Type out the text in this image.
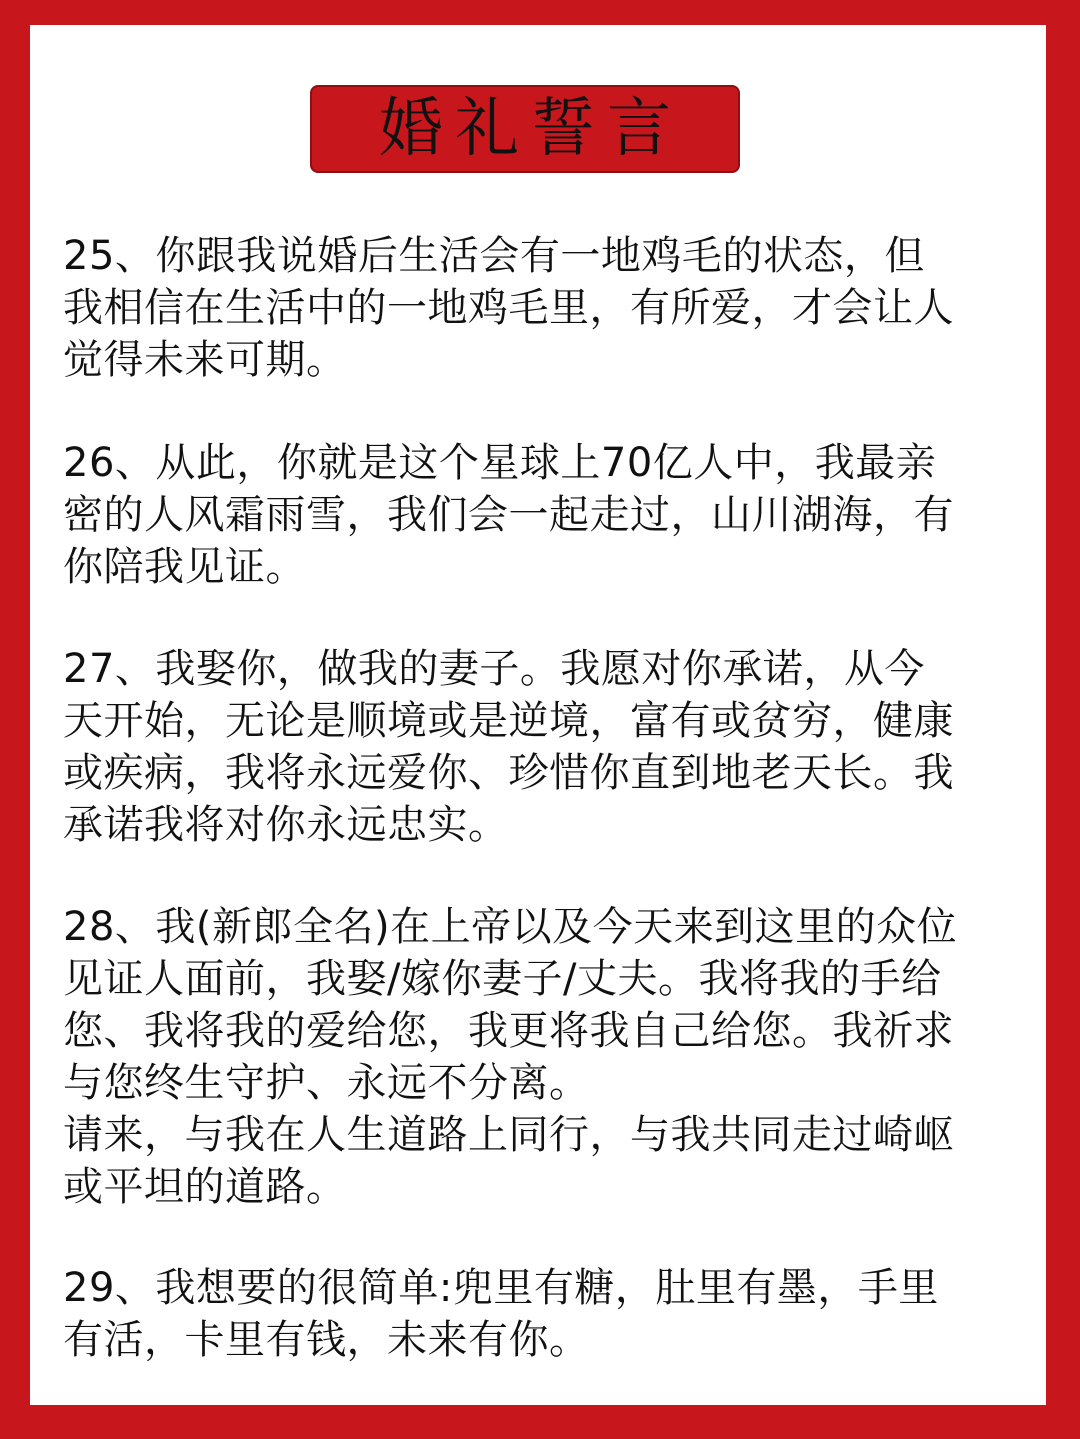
婚礼誓言

25、你跟我说婚后生活会有一地鸡毛的状态，但
我相信在生活中的一地鸡毛里，有所爱，才会让人
觉得未来可期。

26、从此，你就是这个星球上70亿人中，我最亲
密的人风霜雨雪，我们会一起走过，山川湖海，有
你陪我见证。

27、我娶你，做我的妻子。我愿对你承诺，从今
天开始，无论是顺境或是逆境，富有或贫穷，健康
或疾病，我将永远爱你、珍惜你直到地老天长。我
承诺我将对你永远忠实。

28、我(新郎全名)在上帝以及今天来到这里的众位
见证人面前，我娶/嫁你妻子/丈夫。我将我的手给
您、我将我的爱给您，我更将我自己给您。我祈求
与您终生守护、永远不分离。
请来，与我在人生道路上同行，与我共同走过崎岖
或平坦的道路。

29、我想要的很简单:兜里有糖，肚里有墨，手里
有活，卡里有钱，未来有你。
